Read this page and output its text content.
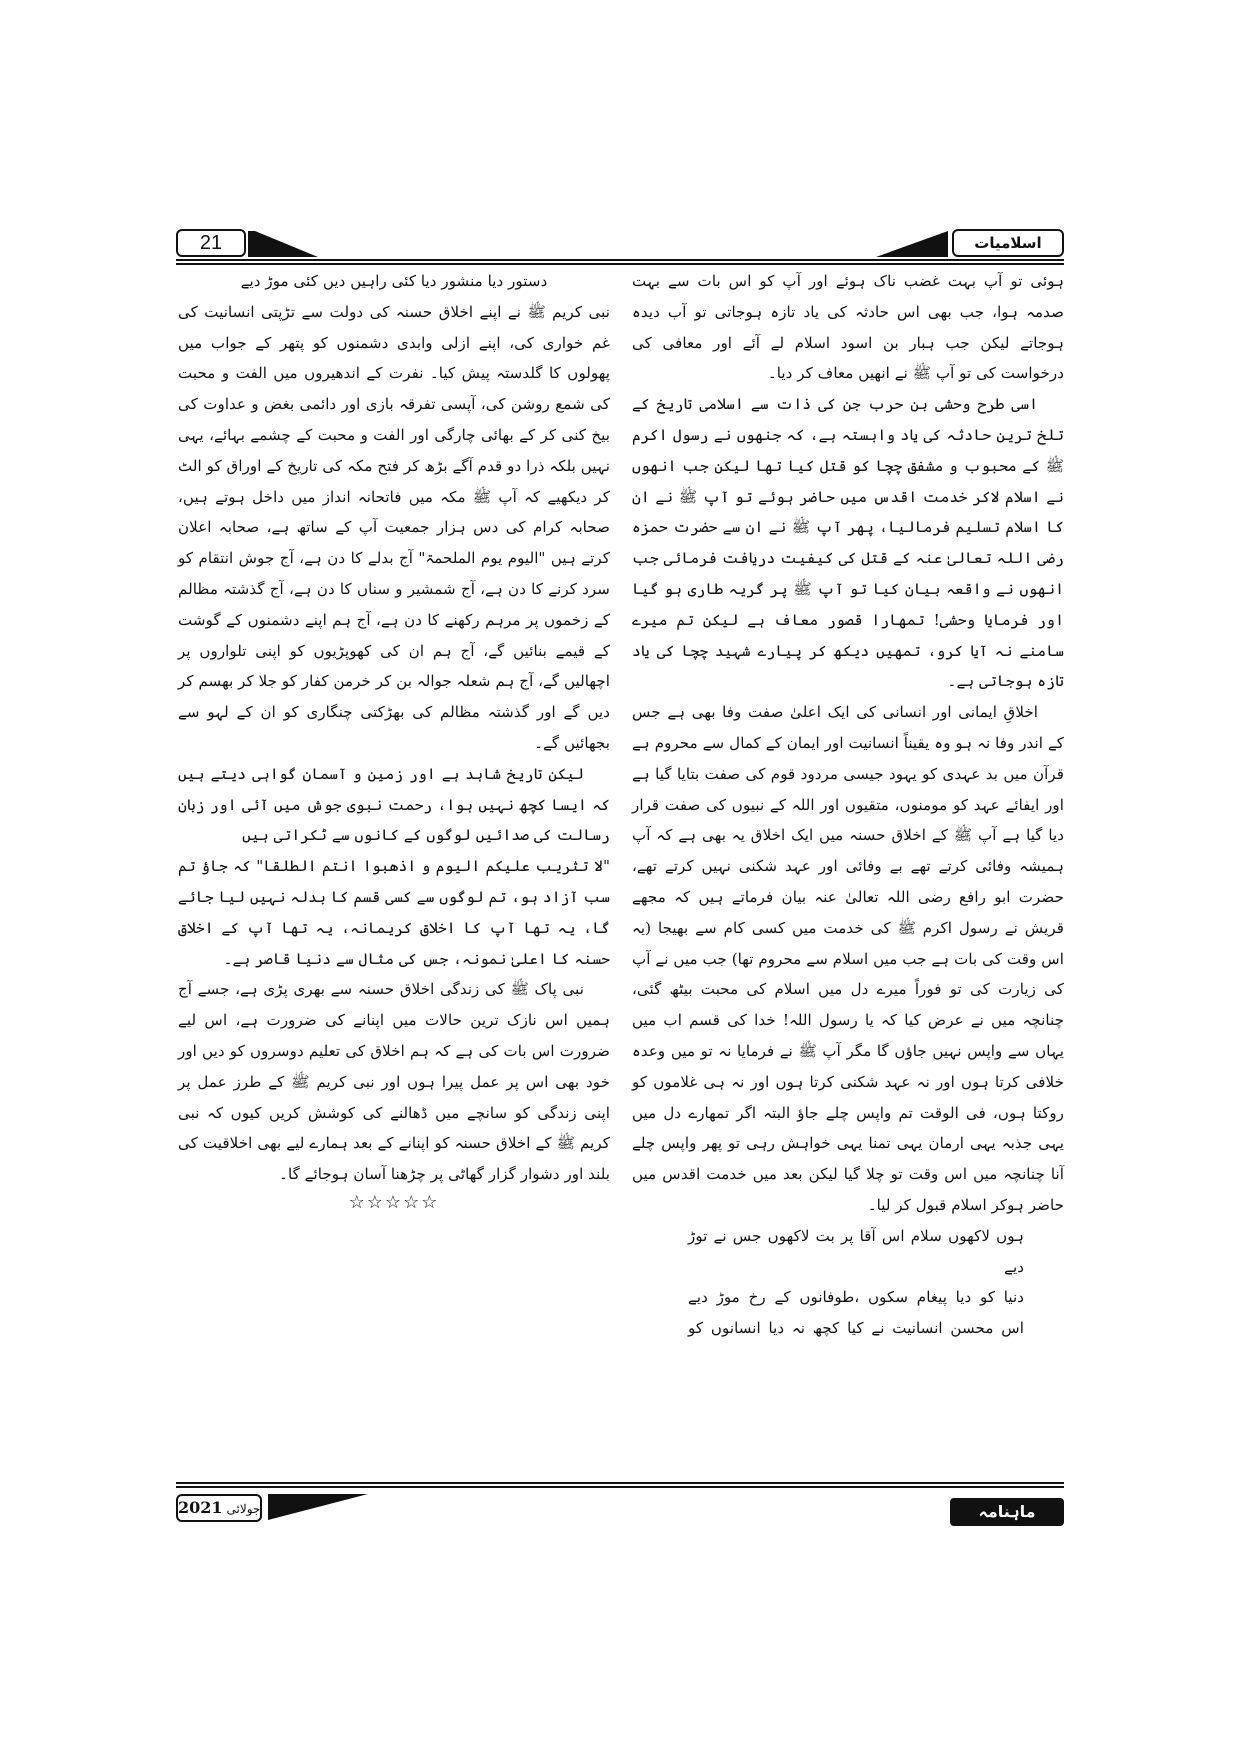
21	اسلامیات

ہوئی تو آپ بہت غضب ناک ہوئے اور آپ کو اس بات سے بہت صدمہ ہوا، جب بھی اس حادثہ کی یاد تازہ ہوجاتی تو آب دیدہ ہوجاتے لیکن جب ہبار بن اسود اسلام لے آئے اور معافی کی درخواست کی تو آپ ﷺ نے انھیں معاف کر دیا۔

اسی طرح وحشی بن حرب جن کی ذات سے اسلامی تاریخ کے تلخ ترین حادثہ کی یاد وابستہ ہے، کہ جنھوں نے رسول اکرم ﷺ کے محبوب و مشفق چچا کو قتل کیا تھا لیکن جب انھوں نے اسلام لاکر خدمت اقدس میں حاضر ہوئے تو آپ ﷺ نے ان کا اسلام تسلیم فرمالیا، پھر آپ ﷺ نے ان سے حضرت حمزہ رضی اللہ تعالیٰ عنہ کے قتل کی کیفیت دریافت فرمائی جب انھوں نے واقعہ بیان کیا تو آپ ﷺ پر گریہ طاری ہو گیا اور فرمایا وحشی! تمھارا قصور معاف ہے لیکن تم میرے سامنے نہ آیا کرو، تمھیں دیکھ کر پیارے شہید چچا کی یاد تازہ ہوجاتی ہے۔

اخلاقِ ایمانی اور انسانی کی ایک اعلیٰ صفت وفا بھی ہے جس کے اندر وفا نہ ہو وہ یقیناً انسانیت اور ایمان کے کمال سے محروم ہے قرآن میں بد عہدی کو یہود جیسی مردود قوم کی صفت بتایا گیا ہے اور ایفائے عہد کو مومنوں، متقیوں اور اللہ کے نبیوں کی صفت قرار دیا گیا ہے آپ ﷺ کے اخلاق حسنہ میں ایک اخلاق یہ بھی ہے کہ آپ ہمیشہ وفائی کرتے تھے بے وفائی اور عہد شکنی نہیں کرتے تھے، حضرت ابو رافع رضی اللہ تعالیٰ عنہ بیان فرماتے ہیں کہ مجھے قریش نے رسول اکرم ﷺ کی خدمت میں کسی کام سے بھیجا (یہ اس وقت کی بات ہے جب میں اسلام سے محروم تھا) جب میں نے آپ کی زیارت کی تو فوراً میرے دل میں اسلام کی محبت بیٹھ گئی، چنانچہ میں نے عرض کیا کہ یا رسول اللہ! خدا کی قسم اب میں یہاں سے واپس نہیں جاؤں گا مگر آپ ﷺ نے فرمایا نہ تو میں وعدہ خلافی کرتا ہوں اور نہ عہد شکنی کرتا ہوں اور نہ ہی غلاموں کو روکتا ہوں، فی الوقت تم واپس چلے جاؤ البتہ اگر تمھارے دل میں یہی جذبہ یہی ارمان یہی تمنا یہی خواہش رہی تو پھر واپس چلے آنا چنانچہ میں اس وقت تو چلا گیا لیکن بعد میں خدمت اقدس میں حاضر ہوکر اسلام قبول کر لیا۔

ہوں لاکھوں سلام اس آقا پر بت لاکھوں جس نے توڑ دیے

دنیا کو دیا پیغام سکوں ،طوفانوں کے رخ موڑ دیے

اس محسن انسانیت نے کیا کچھ نہ دیا انسانوں کو

دستور دیا منشور دیا کئی راہیں دیں کئی موڑ دیے

نبی کریم ﷺ نے اپنے اخلاق حسنہ کی دولت سے تڑپتی انسانیت کی غم خواری کی، اپنے ازلی وابدی دشمنوں کو پتھر کے جواب میں پھولوں کا گلدستہ پیش کیا۔ نفرت کے اندھیروں میں الفت و محبت کی شمع روشن کی، آپسی تفرقہ بازی اور دائمی بغض و عداوت کی بیخ کنی کر کے بھائی چارگی اور الفت و محبت کے چشمے بہائے، یہی نہیں بلکہ ذرا دو قدم آگے بڑھ کر فتح مکہ کی تاریخ کے اوراق کو الٹ کر دیکھیے کہ آپ ﷺ مکہ میں فاتحانہ انداز میں داخل ہوتے ہیں، صحابہ کرام کی دس ہزار جمعیت آپ کے ساتھ ہے، صحابہ اعلان کرتے ہیں "الیوم یوم الملحمۃ" آج بدلے کا دن ہے، آج جوش انتقام کو سرد کرنے کا دن ہے، آج شمشیر و سناں کا دن ہے، آج گذشتہ مظالم کے زخموں پر مرہم رکھنے کا دن ہے، آج ہم اپنے دشمنوں کے گوشت کے قیمے بنائیں گے، آج ہم ان کی کھوپڑیوں کو اپنی تلواروں پر اچھالیں گے، آج ہم شعلہ جوالہ بن کر خرمن کفار کو جلا کر بھسم کر دیں گے اور گذشتہ مظالم کی بھڑکتی چنگاری کو ان کے لہو سے بجھائیں گے۔

لیکن تاریخ شاہد ہے اور زمین و آسمان گواہی دیتے ہیں کہ ایسا کچھ نہیں ہوا، رحمت نبوی جوش میں آئی اور زبان رسالت کی صدائیں لوگوں کے کانوں سے ٹکراتی ہیں

"لا تثریب علیکم الیوم و اذھبوا انتم الطلقا" کہ جاؤ تم سب آزاد ہو، تم لوگوں سے کسی قسم کا بدلہ نہیں لیا جائے گا، یہ تھا آپ کا اخلاق کریمانہ، یہ تھا آپ کے اخلاق حسنہ کا اعلیٰ نمونہ، جس کی مثال سے دنیا قاصر ہے۔

نبی پاک ﷺ کی زندگی اخلاق حسنہ سے بھری پڑی ہے، جسے آج ہمیں اس نازک ترین حالات میں اپنانے کی ضرورت ہے، اس لیے ضرورت اس بات کی ہے کہ ہم اخلاق کی تعلیم دوسروں کو دیں اور خود بھی اس پر عمل پیرا ہوں اور نبی کریم ﷺ کے طرز عمل پر اپنی زندگی کو سانچے میں ڈھالنے کی کوشش کریں کیوں کہ نبی کریم ﷺ کے اخلاق حسنہ کو اپنانے کے بعد ہمارے لیے بھی اخلاقیت کی بلند اور دشوار گزار گھاٹی پر چڑھنا آسان ہوجائے گا۔

☆☆☆☆☆

2021 جولائی	ماہنامہ اشرفیہ
